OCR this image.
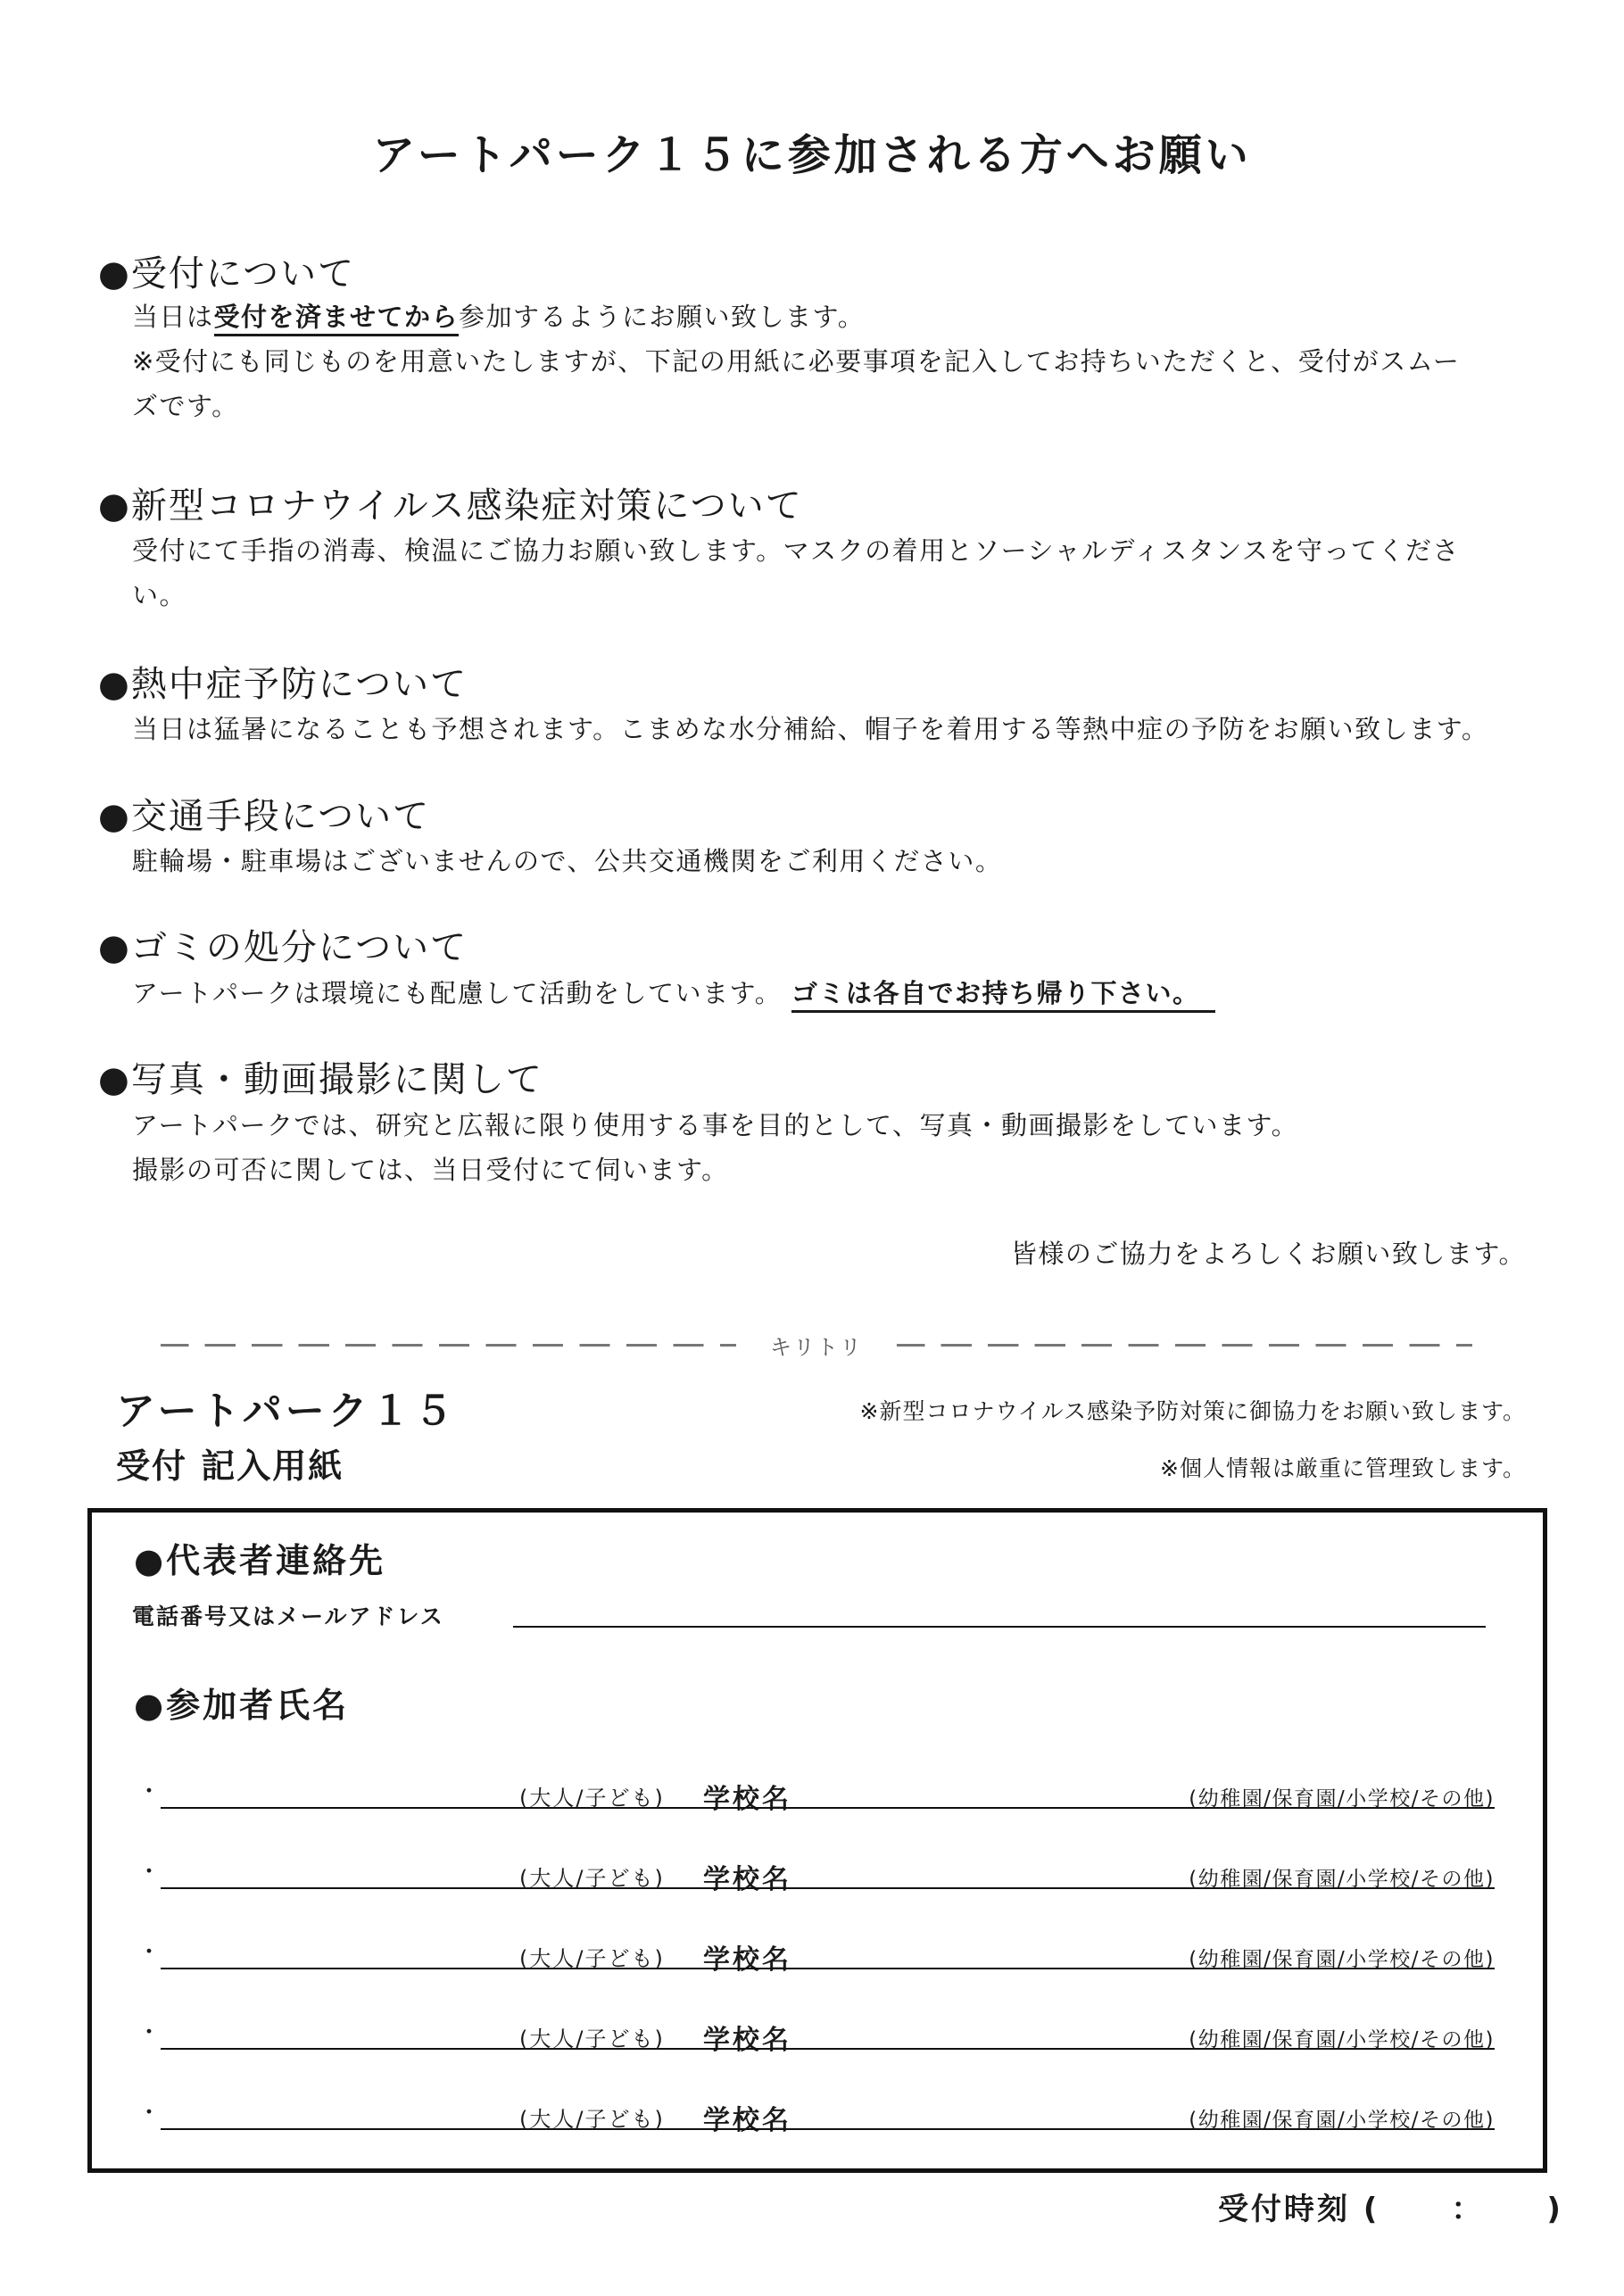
アートパーク１５に参加される方へお願い
●受付について
当日は受付を済ませてから参加するようにお願い致します。
※受付にも同じものを用意いたしますが、下記の用紙に必要事項を記入してお持ちいただくと、受付がスムー
ズです。
●新型コロナウイルス感染症対策について
受付にて手指の消毒、検温にご協力お願い致します。マスクの着用とソーシャルディスタンスを守ってくださ
い。
●熱中症予防について
当日は猛暑になることも予想されます。こまめな水分補給、帽子を着用する等熱中症の予防をお願い致します。
●交通手段について
駐輪場・駐車場はございませんので、公共交通機関をご利用ください。
●ゴミの処分について
アートパークは環境にも配慮して活動をしています。 ゴミは各自でお持ち帰り下さい。
●写真・動画撮影に関して
アートパークでは、研究と広報に限り使用する事を目的として、写真・動画撮影をしています。
撮影の可否に関しては、当日受付にて伺います。
皆様のご協力をよろしくお願い致します。
キリトリ
アートパーク１５
受付 記入用紙
※新型コロナウイルス感染予防対策に御協力をお願い致します。
※個人情報は厳重に管理致します。
●代表者連絡先
電話番号又はメールアドレス
●参加者氏名
・	(大人/子ども) 学校名	(幼稚園/保育園/小学校/その他)
・	(大人/子ども) 学校名	(幼稚園/保育園/小学校/その他)
・	(大人/子ども) 学校名	(幼稚園/保育園/小学校/その他)
・	(大人/子ども) 学校名	(幼稚園/保育園/小学校/その他)
・	(大人/子ども) 学校名	(幼稚園/保育園/小学校/その他)
受付時刻 ( ： )
